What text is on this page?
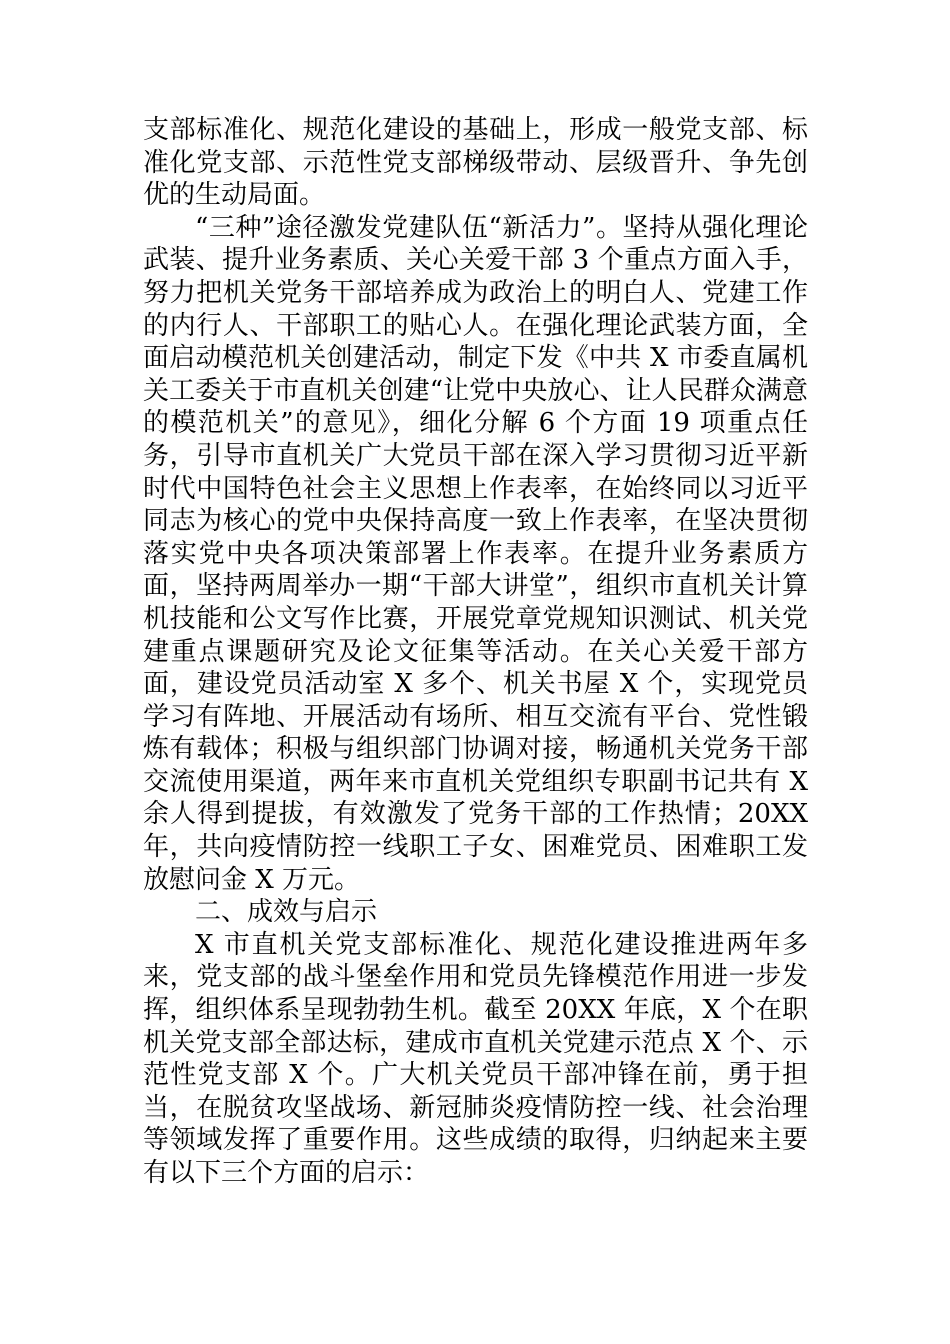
支部标准化、规范化建设的基础上，形成一般党支部、标准化党支部、示范性党支部梯级带动、层级晋升、争先创优的生动局面。

“三种”途径激发党建队伍“新活力”。坚持从强化理论武装、提升业务素质、关心关爱干部 3 个重点方面入手，努力把机关党务干部培养成为政治上的明白人、党建工作的内行人、干部职工的贴心人。在强化理论武装方面，全面启动模范机关创建活动，制定下发《中共 X 市委直属机关工委关于市直机关创建“让党中央放心、让人民群众满意的模范机关”的意见》，细化分解 6 个方面 19 项重点任务，引导市直机关广大党员干部在深入学习贯彻习近平新时代中国特色社会主义思想上作表率，在始终同以习近平同志为核心的党中央保持高度一致上作表率，在坚决贯彻落实党中央各项决策部署上作表率。在提升业务素质方面，坚持两周举办一期“干部大讲堂”，组织市直机关计算机技能和公文写作比赛，开展党章党规知识测试、机关党建重点课题研究及论文征集等活动。在关心关爱干部方面，建设党员活动室 X 多个、机关书屋 X 个，实现党员学习有阵地、开展活动有场所、相互交流有平台、党性锻炼有载体；积极与组织部门协调对接，畅通机关党务干部交流使用渠道，两年来市直机关党组织专职副书记共有 X 余人得到提拔，有效激发了党务干部的工作热情；20XX 年，共向疫情防控一线职工子女、困难党员、困难职工发放慰问金 X 万元。

二、成效与启示

X 市直机关党支部标准化、规范化建设推进两年多来，党支部的战斗堡垒作用和党员先锋模范作用进一步发挥，组织体系呈现勃勃生机。截至 20XX 年底，X 个在职机关党支部全部达标，建成市直机关党建示范点 X 个、示范性党支部 X 个。广大机关党员干部冲锋在前，勇于担当，在脱贫攻坚战场、新冠肺炎疫情防控一线、社会治理等领域发挥了重要作用。这些成绩的取得，归纳起来主要有以下三个方面的启示：
